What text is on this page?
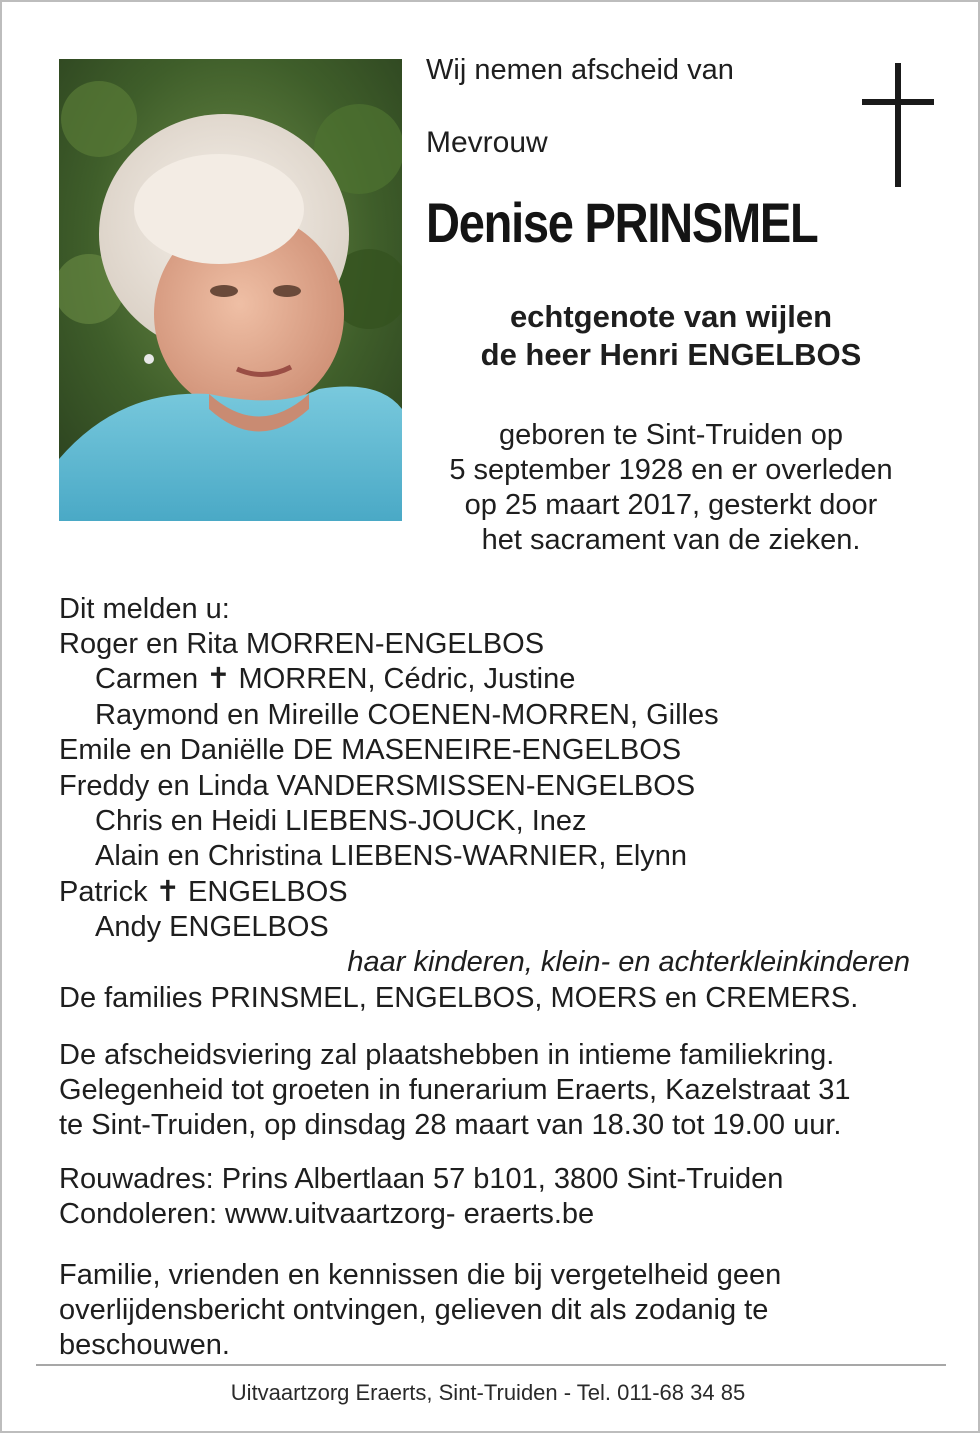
Wij nemen afscheid van
Mevrouw
Denise PRINSMEL
echtgenote van wijlen
de heer Henri ENGELBOS
geboren te Sint-Truiden op
5 september 1928 en er overleden
op 25 maart 2017, gesterkt door
het sacrament van de zieken.
Dit melden u:
Roger en Rita MORREN-ENGELBOS
Carmen ✝ MORREN, Cédric, Justine
Raymond en Mireille COENEN-MORREN, Gilles
Emile en Daniëlle DE MASENEIRE-ENGELBOS
Freddy en Linda VANDERSMISSEN-ENGELBOS
Chris en Heidi LIEBENS-JOUCK, Inez
Alain en Christina LIEBENS-WARNIER, Elynn
Patrick ✝ ENGELBOS
Andy ENGELBOS
haar kinderen, klein- en achterkleinkinderen
De families PRINSMEL, ENGELBOS, MOERS en CREMERS.
De afscheidsviering zal plaatshebben in intieme familiekring.
Gelegenheid tot groeten in funerarium Eraerts, Kazelstraat 31
te Sint-Truiden, op dinsdag 28 maart van 18.30 tot 19.00 uur.
Rouwadres: Prins Albertlaan 57 b101, 3800 Sint-Truiden
Condoleren: www.uitvaartzorg- eraerts.be
Familie, vrienden en kennissen die bij vergetelheid geen
overlijdensbericht ontvingen, gelieven dit als zodanig te
beschouwen.
Uitvaartzorg Eraerts, Sint-Truiden - Tel. 011-68 34 85
